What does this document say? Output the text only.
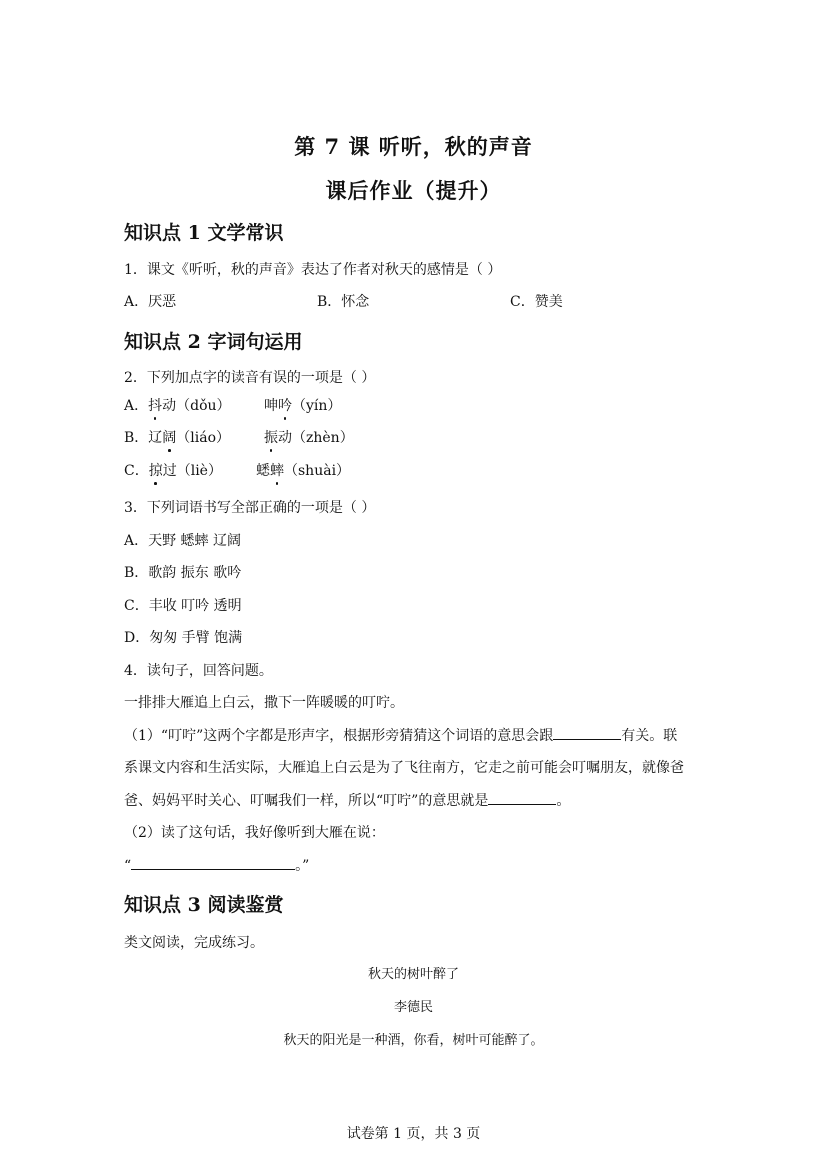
第 7 课 听听，秋的声音
课后作业（提升）
知识点 1 文学常识
1．课文《听听，秋的声音》表达了作者对秋天的感情是（ ）
A．厌恶	B．怀念	C．赞美
知识点 2 字词句运用
2．下列加点字的读音有误的一项是（ ）
A．抖动（dǒu） 呻吟（yín）
B．辽阔（liáo） 振动（zhèn）
C．掠过（liè） 蟋蟀（shuài）
3．下列词语书写全部正确的一项是（ ）
A．天野 蟋蟀 辽阔
B．歌韵 振东 歌吟
C．丰收 叮吟 透明
D．匆匆 手臂 饱满
4．读句子，回答问题。
一排排大雁追上白云，撒下一阵暖暖的叮咛。
（1）“叮咛”这两个字都是形声字，根据形旁猜猜这个词语的意思会跟	有关。联
系课文内容和生活实际，大雁追上白云是为了飞往南方，它走之前可能会叮嘱朋友，就像爸
爸、妈妈平时关心、叮嘱我们一样，所以“叮咛”的意思就是	。
（2）读了这句话，我好像听到大雁在说：
“	。”
知识点 3 阅读鉴赏
类文阅读，完成练习。
秋天的树叶醉了
李德民
秋天的阳光是一种酒，你看，树叶可能醉了。
试卷第 1 页，共 3 页
